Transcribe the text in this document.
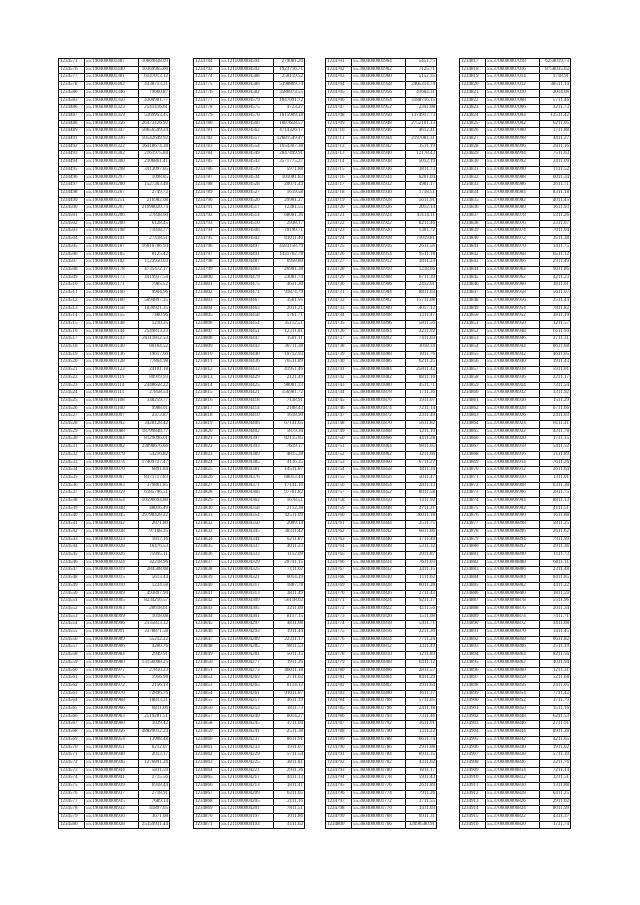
1234571	55.1904000001487	10669838.09
1234576	55.1904000001440	10369965.60
1234577	55.1904000001381	6147013.12
1234578	55.1904000001402	4338713.21
1234580	55.1904000001346	79660.87
1234583	55.1904000001350	4300901.77
1234486	55.1904000001323	2541416.61
1234487	55.1904000001359	5169953.45
1234488	55.1904000001356	26473426.92
1234489	55.1904000001347	58656599.24
1234491	55.1904000001336	10542649.92
1234492	55.1904000001322	16418674.38
1234493	55.1904000001302	2161975.84
1234494	55.1904000001300	2106861.41
1234495	55.1904000001298	3413097.05
1234496	55.1904000001297	1098.85
1234497	55.1904000001260	1527363.48
1234498	55.1904000001267	2749.72
1234499	55.1904000001251	216982.08
1234500	55.1904000001207	21998020.74
1234501	55.1904000001206	27838.60
1234502	55.1904000001200	6128.45
1234503	55.1904000001198	71818.77
1234504	55.1904000001191	27418.51
1234505	55.1904000001187	16610786.94
1234506	55.1904000001185	8125.42
1234507	55.1904000001182	1123950.03
1234508	55.1904000001178	4735472.17
1234509	55.1904000001173	4419937.54
1234510	55.1904000001171	7985.52
1234511	55.1904000001166	9904.96
1234512	55.1904000001160	5894897.35
1234513	55.1904000001158	1036921.35
1234514	55.1904000001155	7480.96
1234515	55.1904000001148	1210.35
1234516	55.1904000001144	2549813.23
1234517	55.1904000001143	26111812.53
1234518	55.1904000001140	80164.52
1234519	55.1904000001136	19617.60
1234520	55.1904000001128	77864.98
1234521	55.1904000001123	24101.18
1234522	55.1904000001119	80919.93
1234523	55.1904000001114	2448658.22
1234524	55.1904000001111	27858.54
1234525	55.1904000001108	348259.77
1234526	55.1904000001100	9988.01
1234527	55.1904000001097	2373.87
1234528	55.1904000001092	3428128.42
1234529	55.1904000001088	18799848.77
1234530	55.1904000001084	8129096.01
1234531	55.1904000001082	23898676.66
1234532	55.1904000001079	54216.82
1234533	55.1904000001074	17409737.47
1234534	55.1904000001070	6891.84
1234535	55.1904000001067	8371717.83
1234536	55.1904000001063	379861.85
1234537	55.1904000001059	6185796.51
1234538	55.1904000001054	10596694.80
1234539	55.1904000001048	48016.49
1234540	55.1904000001045	29798428.22
1234541	55.1904000001042	2871.80
1234542	55.1904000001038	97168.35
1234543	55.1904000001033	1817.16
1234544	55.1904000001028	16476.53
1234545	55.1904000001026	75995.11
1234546	55.1904000001024	32218.96
1234547	55.1904000001019	284508.08
1234548	55.1904000001015	5613.44
1234549	55.1904000001010	1234.58
1234550	55.1904000001009	493897.94
1234551	55.1904000001005	8234216.57
1234552	55.1904000001003	20618.61
1234553	55.1904000000999	1018.08
1234554	55.1904000000996	2135813.32
1234555	55.1904000000991	3378871.58
1234556	55.1904000000989	55212.22
1234557	55.1904000000986	4200.76
1234558	55.1904000000984	2949.91
1234559	55.1904000000980	13156098.25
1234560	55.1904000000977	27810.23
1234561	55.1904000000975	1956.98
1234562	55.1904000000972	2156.13
1234563	55.1904000000970	72896.76
1234564	55.1904000000968	18813.21
1234565	55.1904000000966	6811.06
1234566	55.1904000000963	2519281.51
1234567	55.1904000000960	1039.42
1234568	55.1904000000956	48829012.24
1234569	55.1904000000954	13908.48
1234570	55.1904000000951	6212.07
1234571	55.1904000000948	2013.17
1234572	55.1904000000946	1276891.28
1234573	55.1904000000944	5811.59
1234574	55.1904000000941	2715.56
1234575	55.1904000000939	6918.44
1234576	55.1904000000937	2718.91
1234577	55.1904000000935	7689.14
1234578	55.1904000000932	41897.05
1234579	55.1904000000930	3671.08
1234580	55.1904000000928	25159911.44
1234784	55.1211000004594	279081.20
1234792	55.1211000004592	1923716.71
1234774	55.1211000004588	258119.52
1234775	55.1211000004586	5398809.74
1234776	55.1211000004582	3586973.55
1234777	55.1211000004579	1847091.72
1234778	55.1211000004575	4723.27
1234779	55.1211000004570	1615909.18
1234780	55.1211000004566	1087658.57
1234781	55.1211000004562	4714326.17
1234782	55.1211000004557	12681549.47
1234783	55.1211000004554	1654307.38
1234784	55.1211000004549	2847499.91
1234785	55.1211000004543	3571775.27
1234786	55.1211000004539	5971.88
1234787	55.1211000004534	101081.83
1234788	55.1211000004528	20071.44
1234789	55.1211000004527	1619.58
1234790	55.1211000004520	29961.27
1234791	55.1211000004517	12381.55
1234792	55.1211000004514	68081.36
1234793	55.1211000004510	2938.17
1234794	55.1211000004506	79190.71
1234795	55.1211000004502	81011.40
1234796	55.1211000004497	4583158.79
1234797	55.1211000004491	1431702.78
1234798	55.1211000004487	6958.80
1234799	55.1211000004483	26981.38
1234800	55.1211000004479	23081.74
1234801	55.1211000004475	4631.30
1234802	55.1211000004471	91874.79
1234803	55.1211000004467	3561.95
1234804	55.1211000004463	2011.21
1234805	55.1211000004458	1761.71
1234806	55.1211000004454	35112.51
1234807	55.1211000004451	12311.81
1234808	55.1211000004447	1501.11
1234809	55.1211000004443	36711.38
1234810	55.1211000004440	10712.93
1234811	55.1211000004436	76511.89
1234812	55.1211000004433	41951.46
1234813	55.1211000004429	2121.49
1234814	55.1211000004425	98081.33
1234815	55.1211000004421	156981.72
1234816	55.1211000004418	7138.91
1234817	55.1211000004414	2108.43
1234818	55.1211000004410	1618.90
1234819	55.1211000004406	67141.65
1234820	55.1211000004402	1879.36
1234821	55.1211000004397	82115.05
1234822	55.1211000004393	7619.17
1234823	55.1211000004389	4815.28
1234824	55.1211000004385	4116.35
1234825	55.1211000004381	14511.87
1234826	55.1211000004376	68013.44
1234827	55.1211000004371	17141.10
1234828	55.1211000004366	97701.82
1234829	55.1211000004362	1678.51
1234830	55.1211000004358	2112.38
1234831	55.1211000004354	42511.09
1234832	55.1211000004350	2009.14
1234833	55.1211000004345	38311.42
1234834	55.1211000004341	6211.87
1234835	55.1211000004337	4011.23
1234836	55.1211000004333	1112.09
1234837	55.1211000004329	20741.15
1234838	55.1211000004325	7111.02
1234839	55.1211000004321	6014.19
1234840	55.1211000004317	1887.78
1234841	55.1211000004313	3811.49
1234842	55.1211000004309	56118.02
1234843	55.1211000004305	3211.09
1234844	55.1211000004301	8117.15
1234845	55.1211000004297	4811.08
1234846	55.1211000004293	1911.44
1234847	55.1211000004289	22311.17
1234848	55.1211000004285	9811.53
1234849	55.1211000004281	5011.15
1234850	55.1211000004277	1911.26
1234851	55.1211000004273	46011.18
1234852	55.1211000004269	2711.63
1234853	55.1211000004265	8114.12
1234854	55.1211000004261	91011.87
1234855	55.1211000004257	4611.19
1234856	55.1211000004253	1811.73
1234857	55.1211000004249	6014.27
1234858	55.1211000004245	3711.04
1234859	55.1211000004241	2511.38
1234860	55.1211000004237	8611.91
1234861	55.1211000004233	1911.07
1234862	55.1211000004229	5711.54
1234863	55.1211000004225	3811.81
1234864	55.1211000004221	2911.36
1234865	55.1211000004217	4411.13
1234866	55.1211000004213	1811.41
1234867	55.1211000004209	6311.05
1234868	55.1211000004205	2111.16
1234869	55.1211000004201	7811.51
1234870	55.1211000004197	1011.86
1234871	55.1211000004193	4111.62
1234701	55.3604000001964	5451.75
1234702	55.3604000001962	7125.71
1234703	55.3604000001960	5152.35
1234704	55.3604000001958	2405314.74
1234705	55.3604000001956	41664.31
1234706	55.3604000001954	3188716.15
1234707	55.3604000001952	2341.08
1234708	55.3604000001950	1374917.73
1234709	55.3604000001948	2752101.13
1234710	55.3604000001946	4612.41
1234711	55.3604000001944	2197081.31
1234712	55.3604000001942	1511.19
1234713	55.3604000001940	12178.43
1234714	55.3604000001938	5012.19
1234715	55.3604000001936	3811.73
1234716	55.3604000001934	6201.04
1234717	55.3604000001932	4981.17
1234718	55.3604000001930	1718.51
1234719	55.3604000001928	5611.91
1234720	55.3604000001926	2012.14
1234721	55.3604000001924	43114.11
1234722	55.3604000001922	8211.46
1234723	55.3604000001920	1301.72
1234724	55.3604000001918	71019.81
1234725	55.3604000001916	2611.56
1234726	55.3604000001914	9511.18
1234727	55.3604000001912	3811.24
1234728	55.3604000001910	1218.66
1234729	55.3604000001908	6711.39
1234730	55.3604000001906	2412.01
1234731	55.3604000001904	8811.63
1234732	55.3604000001902	15711.08
1234733	55.3604000001900	4017.12
1234734	55.3604000001898	1311.47
1234735	55.3604000001896	5811.56
1234736	55.3604000001894	2211.92
1234737	55.3604000001892	7411.03
1234738	55.3604000001890	3018.34
1234739	55.3604000001888	1011.76
1234740	55.3604000001886	6211.25
1234741	55.3604000001884	25811.42
1234742	55.3604000001882	8811.16
1234743	55.3604000001880	4511.71
1234744	55.3604000001878	1711.36
1234745	55.3604000001876	3911.07
1234746	55.3604000001874	7211.14
1234747	55.3604000001872	2311.49
1234748	55.3604000001870	5611.82
1234749	55.3604000001868	1211.19
1234750	55.3604000001866	4411.28
1234751	55.3604000001864	9811.05
1234752	55.3604000001862	3211.66
1234753	55.3604000001860	6711.27
1234754	55.3604000001858	1811.34
1234755	55.3604000001856	5011.47
1234756	55.3604000001854	2811.13
1234757	55.3604000001852	8011.58
1234758	55.3604000001850	1411.92
1234759	55.3604000001848	4711.21
1234760	55.3604000001846	36011.18
1234761	55.3604000001844	2511.75
1234762	55.3604000001842	6811.06
1234763	55.3604000001840	1711.49
1234764	55.3604000001838	5311.32
1234765	55.3604000001836	2011.87
1234766	55.3604000001834	7611.03
1234767	55.3604000001832	3411.15
1234768	55.3604000001830	1111.62
1234769	55.3604000001828	6011.28
1234770	55.3604000001826	2711.43
1234771	55.3604000001824	9211.17
1234772	55.3604000001822	4111.56
1234773	55.3604000001820	1511.08
1234774	55.3604000001818	5411.71
1234775	55.3604000001816	2211.36
1234776	55.3604000001814	7711.24
1234777	55.3604000001812	3311.49
1234778	55.3604000001810	1211.83
1234779	55.3604000001808	6411.12
1234780	55.3604000001806	2811.57
1234781	55.3604000001804	8411.29
1234782	55.3604000001802	3911.64
1234783	55.3604000001800	1611.37
1234784	55.3604000001798	5711.05
1234785	55.3604000001796	2411.18
1234786	55.3604000001794	7311.46
1234787	55.3604000001792	3611.91
1234788	55.3604000001790	1311.22
1234789	55.3604000001788	6611.74
1234790	55.3604000001786	2911.08
1234791	55.3604000001784	8911.35
1234792	55.3604000001782	4311.62
1234793	55.3604000001780	1811.17
1234794	55.3604000001778	5911.43
1234795	55.3604000001776	2611.89
1234796	55.3604000001774	7911.26
1234797	55.3604000001772	3711.55
1234798	55.3604000001770	1411.03
1234799	55.3604000001768	6911.31
1234800	55.3604000001766	32096580.91
1234817	55.3706000007018	6258019.73
1234818	55.3706000007016	8758035.02
1234819	55.3706000007014	1718.91
1234820	55.3706000007012	38511.14
1234821	55.3706000007010	2014.08
1234822	55.3706000007008	5711.46
1234823	55.3706000007006	3211.73
1234824	55.3706000007004	12511.42
1234825	55.3706000007002	6211.05
1234826	55.3706000007000	1711.88
1234827	55.3706000006998	4411.27
1234828	55.3706000006996	2811.16
1234829	55.3706000006994	7511.63
1234830	55.3706000006992	3411.09
1234831	55.3706000006990	1111.52
1234832	55.3706000006988	6011.34
1234833	55.3706000006986	2611.71
1234834	55.3706000006984	8311.18
1234835	55.3706000006982	4011.45
1234836	55.3706000006980	1611.93
1234837	55.3706000006978	5311.26
1234838	55.3706000006976	2311.67
1234839	55.3706000006974	7011.04
1234840	55.3706000006972	3511.38
1234841	55.3706000006970	1411.75
1234842	55.3706000006968	6511.12
1234843	55.3706000006966	2911.49
1234844	55.3706000006964	9011.86
1234845	55.3706000006962	4211.23
1234846	55.3706000006960	1811.61
1234847	55.3706000006958	5611.07
1234848	55.3706000006956	2511.44
1234849	55.3706000006954	7811.82
1234850	55.3706000006952	3811.19
1234851	55.3706000006950	1211.57
1234852	55.3706000006948	6111.94
1234853	55.3706000006946	2711.31
1234854	55.3706000006944	8611.68
1234855	55.3706000006942	4611.05
1234856	55.3706000006940	1911.43
1234857	55.3706000006938	5911.81
1234858	55.3706000006936	2211.17
1234859	55.3706000006934	7311.54
1234860	55.3706000006932	3311.92
1234861	55.3706000006930	1511.29
1234862	55.3706000006928	6711.66
1234863	55.3706000006926	2411.03
1234864	55.3706000006924	8111.41
1234865	55.3706000006922	4311.78
1234866	55.3706000006920	1711.15
1234867	55.3706000006918	5411.52
1234868	55.3706000006916	2111.89
1234869	55.3706000006914	7611.26
1234870	55.3706000006912	3611.64
1234871	55.3706000006910	1311.01
1234872	55.3706000006908	6311.38
1234873	55.3706000006906	2811.75
1234874	55.3706000006904	8811.13
1234875	55.3706000006902	4111.51
1234876	55.3706000006900	1611.88
1234877	55.3706000006898	5811.25
1234878	55.3706000006896	2611.62
1234879	55.3706000006894	7911.99
1234880	55.3706000006892	3911.36
1234881	55.3706000006890	1111.73
1234882	55.3706000006888	6011.11
1234883	55.3706000006886	2311.48
1234884	55.3706000006884	8411.85
1234885	55.3706000006882	4411.22
1234886	55.3706000006880	1811.59
1234887	55.3706000006878	5511.96
1234888	55.3706000006876	2011.34
1234889	55.3706000006874	7411.71
1234890	55.3706000006872	3411.08
1234891	55.3706000006870	1411.45
1234892	55.3706000006868	6611.82
1234893	55.3706000006866	2511.19
1234894	55.3706000006864	8211.56
1234895	55.3706000006862	4011.94
1234896	55.3706000006860	1211.31
1234897	55.3706000006858	5211.68
1234898	55.3706000006856	2411.05
1234899	55.3706000006854	7711.42
1234900	55.3706000006852	3711.79
1234901	55.3706000006850	1511.16
1234902	55.3706000006848	6211.53
1234903	55.3706000006846	2711.91
1234904	55.3706000006844	8911.28
1234905	55.3706000006842	4211.65
1234906	55.3706000006840	1911.02
1234907	55.3706000006838	5711.39
1234908	55.3706000006836	2211.76
1234909	55.3706000006834	7211.14
1234910	55.3706000006832	3211.51
1234911	55.3706000006830	1311.88
1234912	55.3706000006828	6411.25
1234913	55.3706000006826	2911.62
1234914	55.3706000006824	8011.99
1234915	55.3706000006822	4311.37
1234916	55.3706000006820	1711.74
